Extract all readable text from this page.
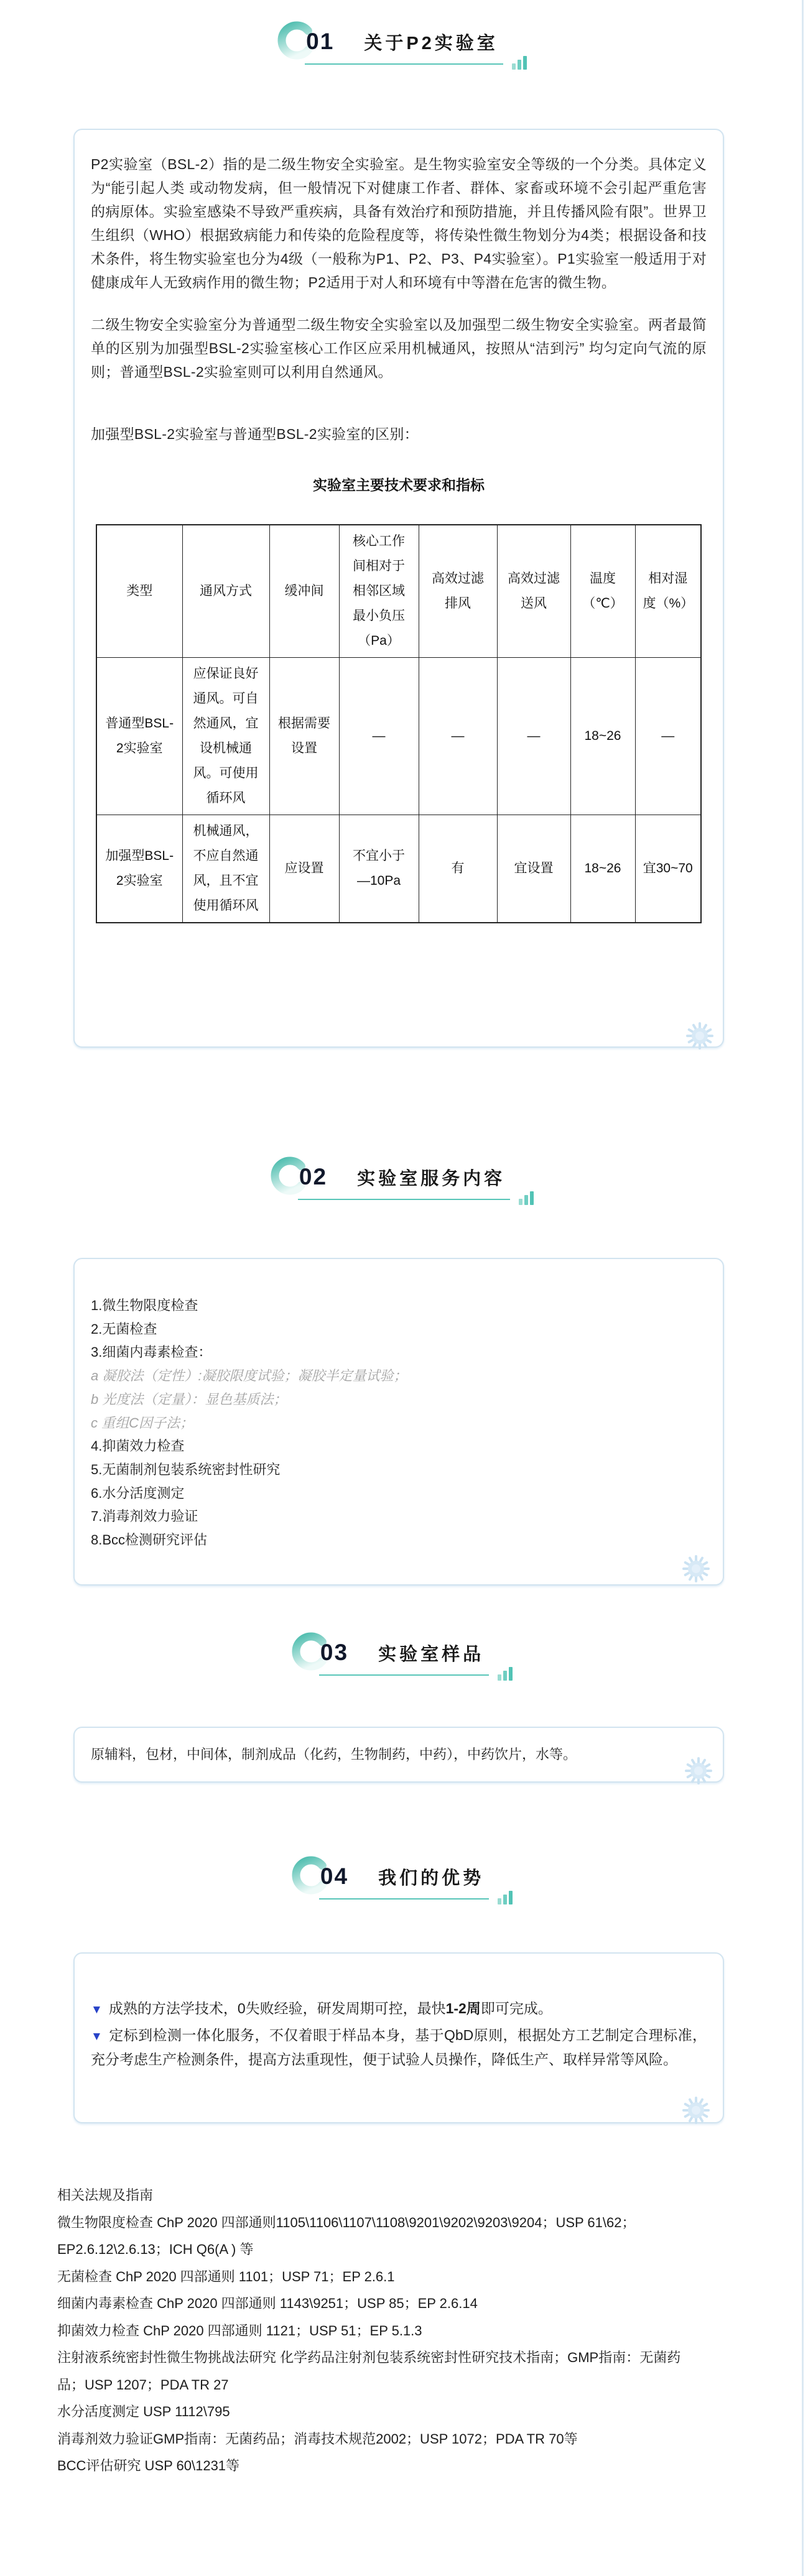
01 关于P2实验室

P2实验室（BSL-2）指的是二级生物安全实验室。是生物实验室安全等级的一个分类。具体定义为“能引起人类 或动物发病，但一般情况下对健康工作者、群体、家畜或环境不会引起严重危害的病原体。实验室感染不导致严重疾病，具备有效治疗和预防措施，并且传播风险有限”。世界卫生组织（WHO）根据致病能力和传染的危险程度等，将传染性微生物划分为4类；根据设备和技术条件，将生物实验室也分为4级（一般称为P1、P2、P3、P4实验室）。P1实验室一般适用于对健康成年人无致病作用的微生物；P2适用于对人和环境有中等潜在危害的微生物。

二级生物安全实验室分为普通型二级生物安全实验室以及加强型二级生物安全实验室。两者最简单的区别为加强型BSL-2实验室核心工作区应采用机械通风，按照从“洁到污” 均匀定向气流的原则；普通型BSL-2实验室则可以利用自然通风。

加强型BSL-2实验室与普通型BSL-2实验室的区别：

实验室主要技术要求和指标
类型	通风方式	缓冲间	核心工作间相对于相邻区域最小负压（Pa）	高效过滤排风	高效过滤送风	温度（℃）	相对湿度（%）
普通型BSL-2实验室	应保证良好通风。可自然通风，宜设机械通风。可使用循环风	根据需要设置	—	—	—	18~26	—
加强型BSL-2实验室	机械通风，不应自然通风，且不宜使用循环风	应设置	不宜小于—10Pa	有	宜设置	18~26	宜30~70
02 实验室服务内容
1.微生物限度检查
2.无菌检查
3.细菌内毒素检查：
a 凝胶法（定性）:凝胶限度试验；凝胶半定量试验；
b 光度法（定量）：显色基质法；
c 重组C因子法；
4.抑菌效力检查
5.无菌制剂包装系统密封性研究
6.水分活度测定
7.消毒剂效力验证
8.Bcc检测研究评估
03 实验室样品
原辅料，包材，中间体，制剂成品（化药，生物制药，中药），中药饮片，水等。
04 我们的优势

▼ 成熟的方法学技术，0失败经验，研发周期可控，最快1-2周即可完成。

▼ 定标到检测一体化服务，不仅着眼于样品本身，基于QbD原则，根据处方工艺制定合理标准，充分考虑生产检测条件，提高方法重现性，便于试验人员操作，降低生产、取样异常等风险。

相关法规及指南
微生物限度检查 ChP 2020 四部通则1105\1106\1107\1108\9201\9202\9203\9204；USP 61\62；
EP2.6.12\2.6.13；ICH Q6(A ) 等
无菌检查 ChP 2020 四部通则 1101；USP 71；EP 2.6.1
细菌内毒素检查 ChP 2020 四部通则 1143\9251；USP 85；EP 2.6.14
抑菌效力检查 ChP 2020 四部通则 1121；USP 51；EP 5.1.3
注射液系统密封性微生物挑战法研究 化学药品注射剂包装系统密封性研究技术指南；GMP指南：无菌药
品；USP 1207；PDA TR 27
水分活度测定 USP 1112\795
消毒剂效力验证GMP指南：无菌药品；消毒技术规范2002；USP 1072；PDA TR 70等
BCC评估研究 USP 60\1231等
